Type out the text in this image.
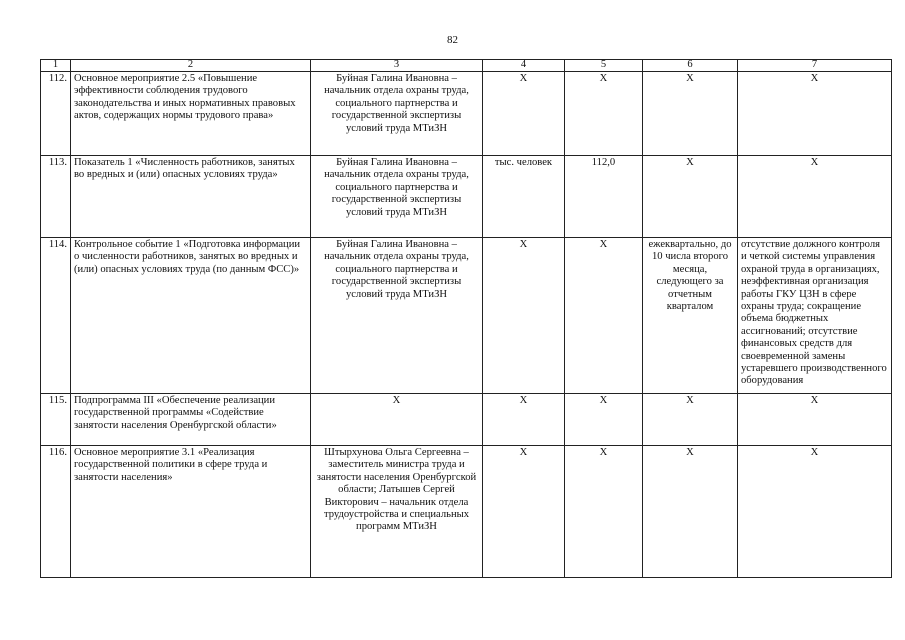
82
1	2	3	4	5	6	7
112.	Основное мероприятие 2.5 «Повышение эффективности соблюдения трудового законодательства и иных нормативных правовых актов, содержащих нормы трудового права»	Буйная Галина Ивановна – начальник отдела охраны труда, социального партнерства и государственной экспертизы условий труда МТиЗН	Х	Х	Х	Х
113.	Показатель 1 «Численность работников, занятых во вредных и (или) опасных условиях труда»	Буйная Галина Ивановна – начальник отдела охраны труда, социального партнерства и государственной экспертизы условий труда МТиЗН	тыс. человек	112,0	Х	Х
114.	Контрольное событие 1 «Подготовка информации о численности работников, занятых во вредных и (или) опасных условиях труда (по данным ФСС)»	Буйная Галина Ивановна – начальник отдела охраны труда, социального партнерства и государственной экспертизы условий труда МТиЗН	Х	Х	ежеквартально, до 10 числа второго месяца, следующего за отчетным кварталом	отсутствие должного контроля и четкой системы управления охраной труда в организациях, неэффективная организация работы ГКУ ЦЗН в сфере охраны труда; сокращение объема бюджетных ассигнований; отсутствие финансовых средств для своевременной замены устаревшего производственного оборудования
115.	Подпрограмма III «Обеспечение реализации государственной программы «Содействие занятости населения Оренбургской области»	Х	Х	Х	Х	Х
116.	Основное мероприятие 3.1 «Реализация государственной политики в сфере труда и занятости населения»	Штырхунова Ольга Сергеевна – заместитель министра труда и занятости населения Оренбургской области; Латышев Сергей Викторович – начальник отдела трудоустройства и специальных программ МТиЗН	Х	Х	Х	Х
